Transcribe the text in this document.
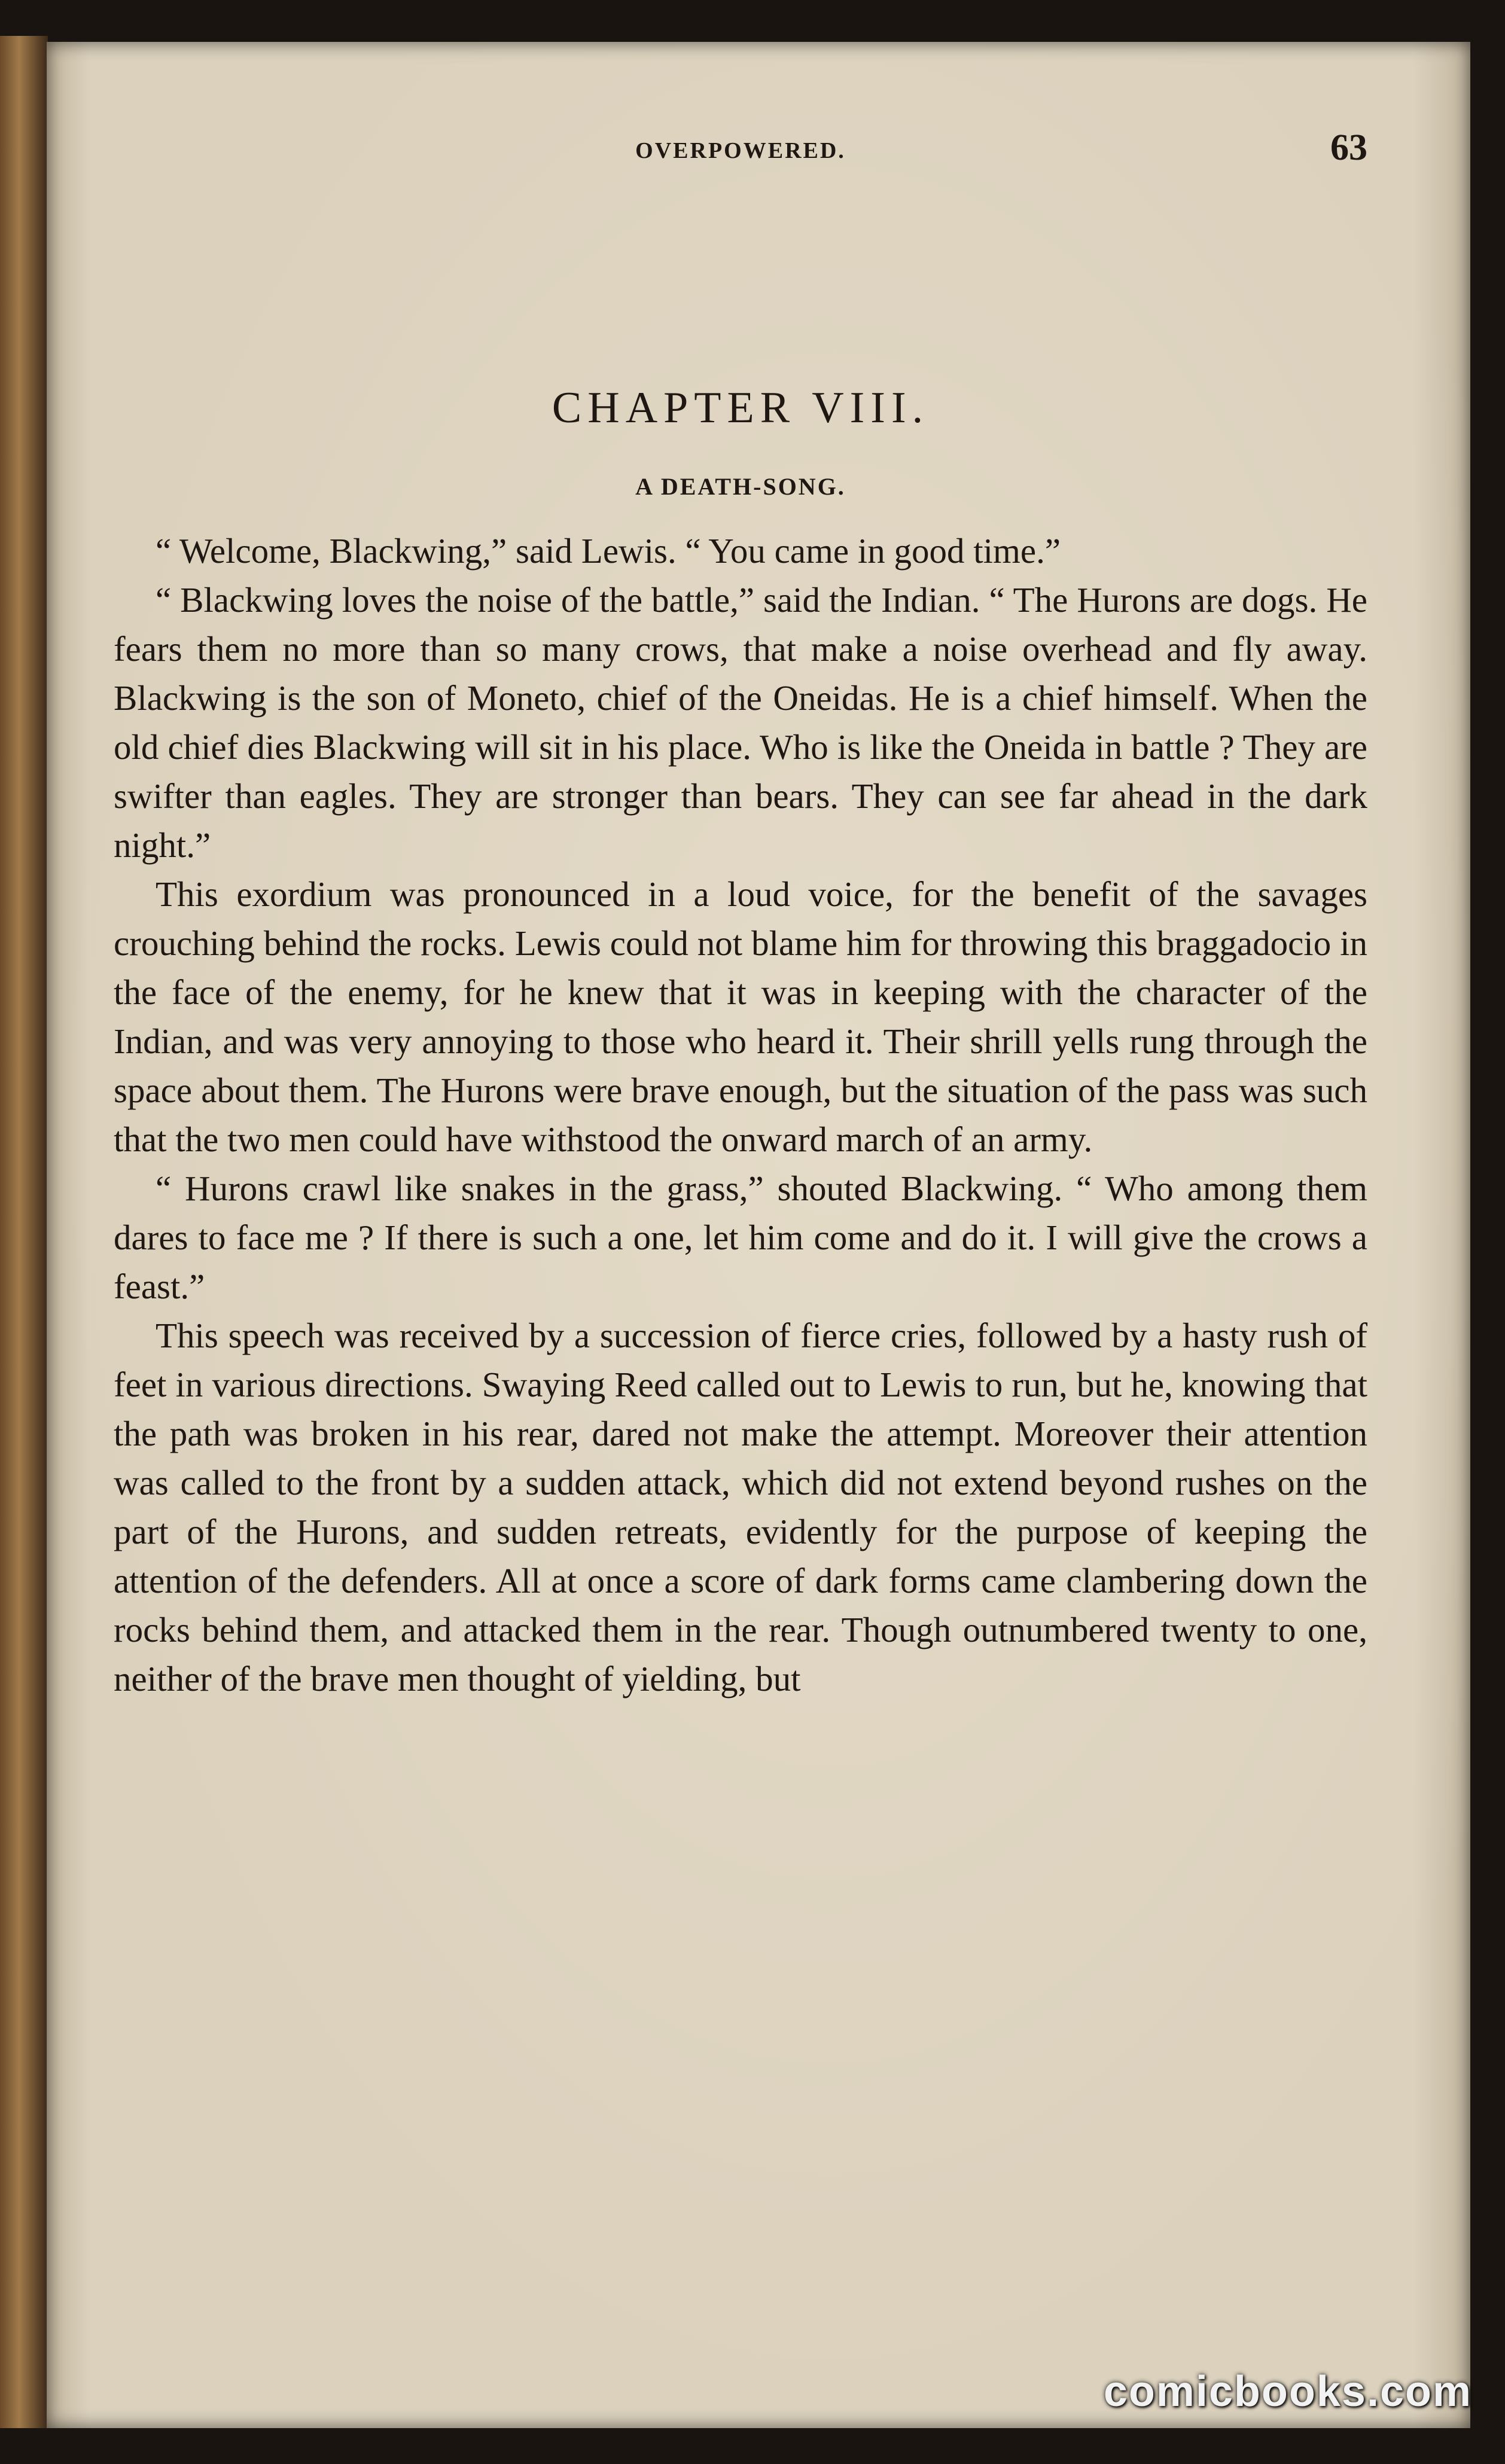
OVERPOWERED.	63
CHAPTER VIII.
A DEATH-SONG.

“ Welcome, Blackwing,” said Lewis. “ You came in good time.”

“ Blackwing loves the noise of the battle,” said the Indian. “ The Hurons are dogs. He fears them no more than so many crows, that make a noise overhead and fly away. Blackwing is the son of Moneto, chief of the Oneidas. He is a chief himself. When the old chief dies Blackwing will sit in his place. Who is like the Oneida in battle ? They are swifter than eagles. They are stronger than bears. They can see far ahead in the dark night.”

This exordium was pronounced in a loud voice, for the benefit of the savages crouching behind the rocks. Lewis could not blame him for throwing this braggadocio in the face of the enemy, for he knew that it was in keeping with the character of the Indian, and was very annoying to those who heard it. Their shrill yells rung through the space about them. The Hurons were brave enough, but the situation of the pass was such that the two men could have withstood the onward march of an army.

“ Hurons crawl like snakes in the grass,” shouted Blackwing. “ Who among them dares to face me ? If there is such a one, let him come and do it. I will give the crows a feast.”

This speech was received by a succession of fierce cries, followed by a hasty rush of feet in various directions. Swaying Reed called out to Lewis to run, but he, knowing that the path was broken in his rear, dared not make the attempt. Moreover their attention was called to the front by a sudden attack, which did not extend beyond rushes on the part of the Hurons, and sudden retreats, evidently for the purpose of keeping the attention of the defenders. All at once a score of dark forms came clambering down the rocks behind them, and attacked them in the rear. Though outnumbered twenty to one, neither of the brave men thought of yielding, but

comicbooks.com
